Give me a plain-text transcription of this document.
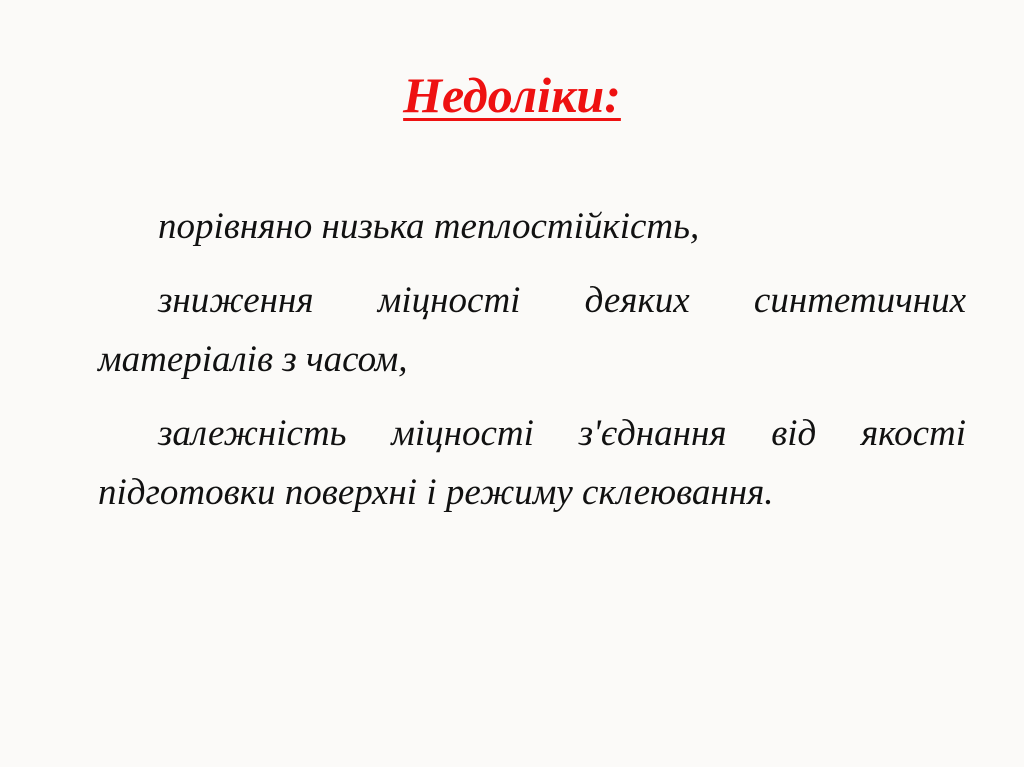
Недоліки:

порівняно низька теплостійкість,

зниження міцності деяких синтетичних матеріалів з часом,

залежність міцності з'єднання від якості підготовки поверхні і режиму склеювання.
